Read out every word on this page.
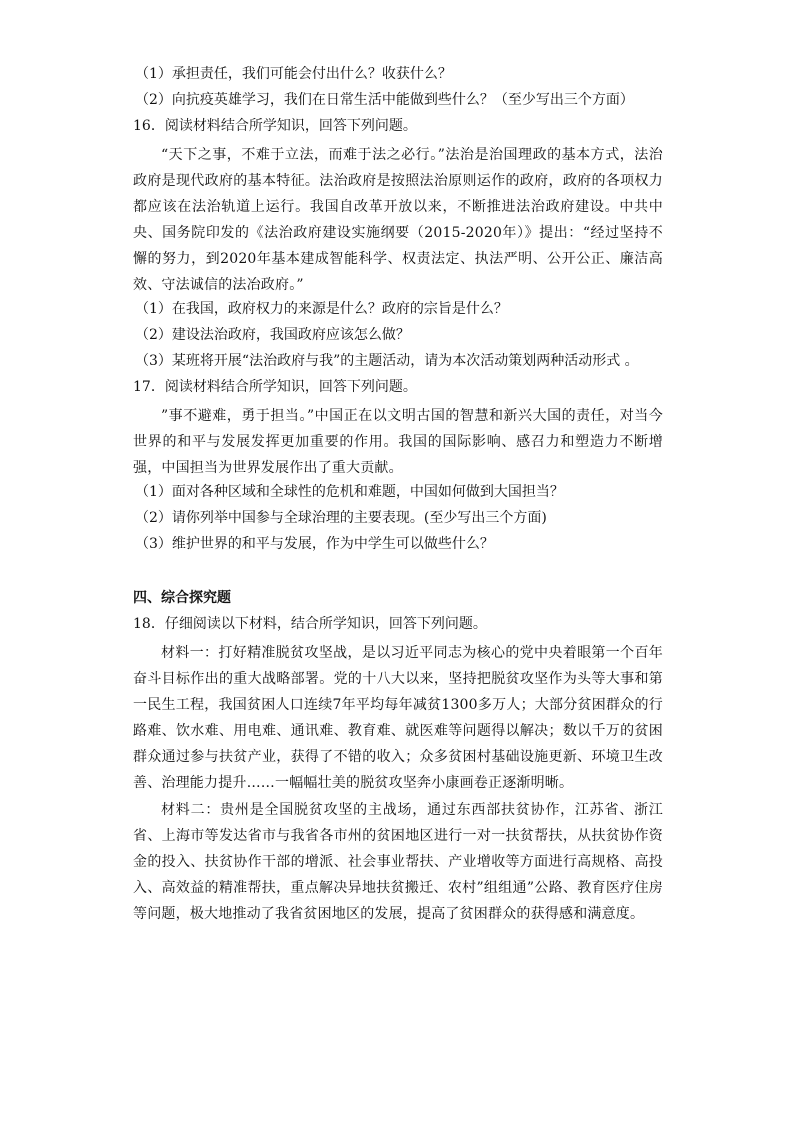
（1）承担责任，我们可能会付出什么？收获什么？
（2）向抗疫英雄学习，我们在日常生活中能做到些什么？（至少写出三个方面）
16．阅读材料结合所学知识，回答下列问题。
“天下之事，不难于立法，而难于法之必行。”法治是治国理政的基本方式，法治政府是现代政府的基本特征。法治政府是按照法治原则运作的政府，政府的各项权力都应该在法治轨道上运行。我国自改革开放以来，不断推进法治政府建设。中共中央、国务院印发的《法治政府建设实施纲要（2015-2020年）》提出：“经过坚持不懈的努力，到2020年基本建成智能科学、权责法定、执法严明、公开公正、廉洁高效、守法诚信的法冶政府。”
（1）在我国，政府权力的来源是什么？政府的宗旨是什么？
（2）建设法治政府，我国政府应该怎么做？
（3）某班将开展“法治政府与我”的主题活动，请为本次活动策划两种活动形式 。
17．阅读材料结合所学知识，回答下列问题。
”事不避难，勇于担当。”中国正在以文明古国的智慧和新兴大国的责任，对当今世界的和平与发展发挥更加重要的作用。我国的国际影响、感召力和塑造力不断增强，中国担当为世界发展作出了重大贡献。
（1）面对各种区域和全球性的危机和难题，中国如何做到大国担当？
（2）请你列举中国参与全球治理的主要表现。(至少写出三个方面)
（3）维护世界的和平与发展，作为中学生可以做些什么？
四、综合探究题
18．仔细阅读以下材料，结合所学知识，回答下列问题。
材料一：打好精准脱贫攻坚战，是以习近平同志为核心的党中央着眼第一个百年奋斗目标作出的重大战略部署。党的十八大以来，坚持把脱贫攻坚作为头等大事和第一民生工程，我国贫困人口连续7年平均每年减贫1300多万人；大部分贫困群众的行路难、饮水难、用电难、通讯难、教育难、就医难等问题得以解决；数以千万的贫困群众通过参与扶贫产业，获得了不错的收入；众多贫困村基础设施更新、环境卫生改善、治理能力提升……一幅幅壮美的脱贫攻坚奔小康画卷正逐渐明晰。
材料二：贵州是全国脱贫攻坚的主战场，通过东西部扶贫协作，江苏省、浙江省、上海市等发达省市与我省各市州的贫困地区进行一对一扶贫帮扶，从扶贫协作资金的投入、扶贫协作干部的增派、社会事业帮扶、产业增收等方面进行高规格、高投入、高效益的精准帮扶，重点解决异地扶贫搬迁、农村”组组通”公路、教育医疗住房等问题，极大地推动了我省贫困地区的发展，提高了贫困群众的获得感和满意度。
